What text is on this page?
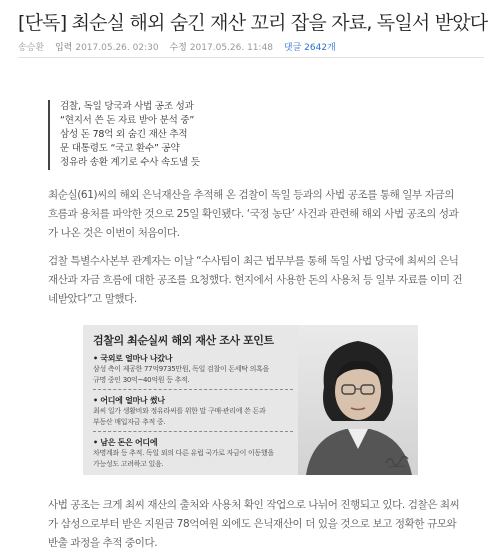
[단독] 최순실 해외 숨긴 재산 꼬리 잡을 자료, 독일서 받았다
송승환 입력 2017.05.26. 02:30 수정 2017.05.26. 11:48 댓글 2642개
검찰, 독일 당국과 사법 공조 성과
“현지서 쓴 돈 자료 받아 분석 중”
삼성 돈 78억 외 숨긴 재산 추적
문 대통령도 “국고 환수” 공약
정유라 송환 계기로 수사 속도낼 듯

최순실(61)씨의 해외 은닉재산을 추적해 온 검찰이 독일 등과의 사법 공조를 통해 일부 자금의 흐름과 용처를 파악한 것으로 25일 확인됐다. ‘국정 농단’ 사건과 관련해 해외 사법 공조의 성과가 나온 것은 이번이 처음이다.

검찰 특별수사본부 관계자는 이날 “수사팀이 최근 법무부를 통해 독일 사법 당국에 최씨의 은닉재산과 자금 흐름에 대한 공조를 요청했다. 현지에서 사용한 돈의 사용처 등 일부 자료를 이미 건네받았다”고 말했다.

검찰의 최순실씨 해외 재산 조사 포인트
• 국외로 얼마나 나갔나
삼성 측이 제공한 77억9735만원, 독일 검찰이 돈세탁 의혹을
규명 중인 30억~40억원 등 추적.
• 어디에 얼마나 썼나
최씨 일가 생활비와 정유라씨를 위한 말 구매·관리에 쓴 돈과
부동산 매입자금 추적 중.
• 남은 돈은 어디에
차명계좌 등 추적. 독일 외의 다른 유럽 국가로 자금이 이동했을
가능성도 고려하고 있음.

사법 공조는 크게 최씨 재산의 출처와 사용처 확인 작업으로 나뉘어 진행되고 있다. 검찰은 최씨가 삼성으로부터 받은 지원금 78억여원 외에도 은닉재산이 더 있을 것으로 보고 정확한 규모와 반출 과정을 추적 중이다.
